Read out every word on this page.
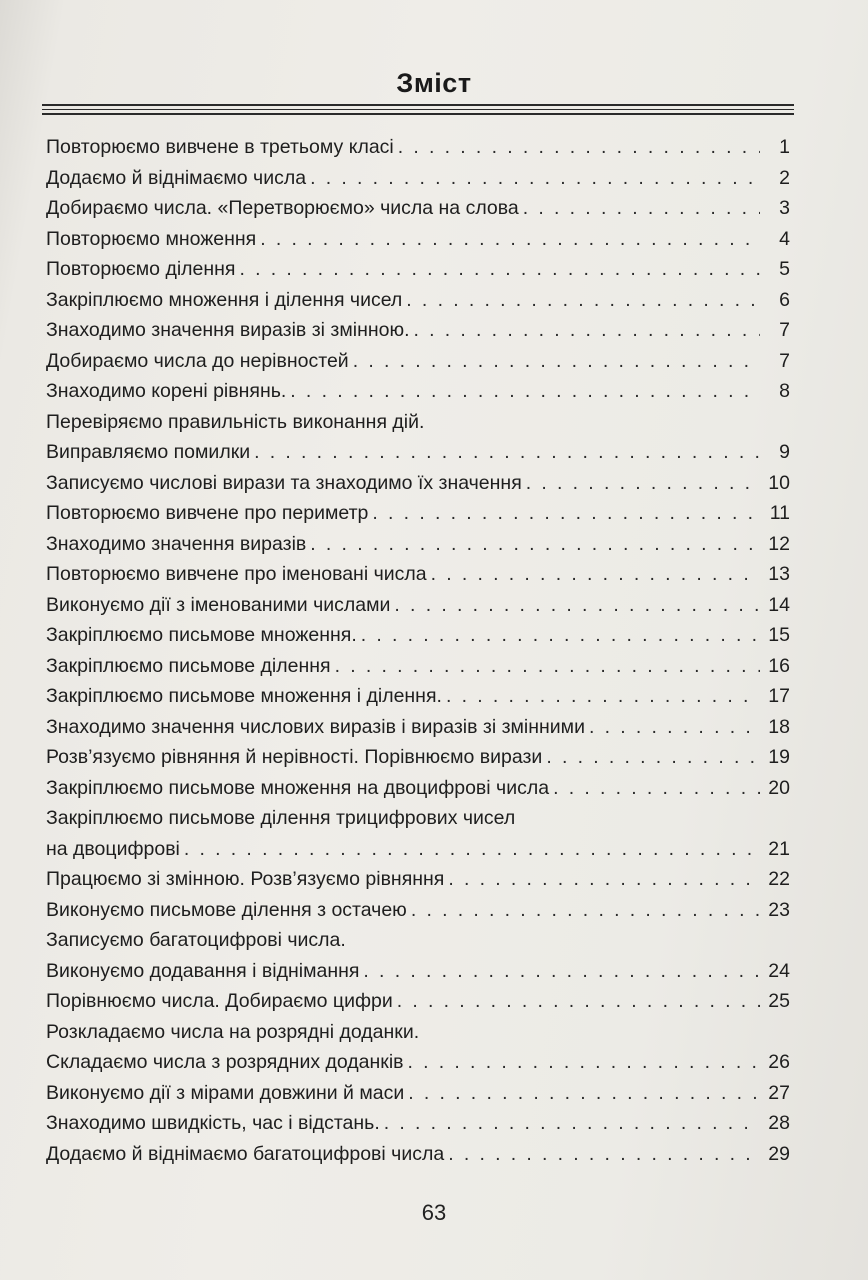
Зміст
Повторюємо вивчене в третьому класі . . .	1
Додаємо й віднімаємо числа . . .	2
Добираємо числа. «Перетворюємо» числа на слова . . .	3
Повторюємо множення . . .	4
Повторюємо ділення . . .	5
Закріплюємо множення і ділення чисел . . .	6
Знаходимо значення виразів зі змінною. . . .	7
Добираємо числа до нерівностей . . .	7
Знаходимо корені рівнянь. . . .	8
Перевіряємо правильність виконання дій.
Виправляємо помилки . . .	9
Записуємо числові вирази та знаходимо їх значення . . .	10
Повторюємо вивчене про периметр . . .	11
Знаходимо значення виразів . . .	12
Повторюємо вивчене про іменовані числа . . .	13
Виконуємо дії з іменованими числами . . .	14
Закріплюємо письмове множення. . . .	15
Закріплюємо письмове ділення . . .	16
Закріплюємо письмове множення і ділення. . . .	17
Знаходимо значення числових виразів і виразів зі змінними . . .	18
Розв’язуємо рівняння й нерівності. Порівнюємо вирази . . .	19
Закріплюємо письмове множення на двоцифрові числа . . .	20
Закріплюємо письмове ділення трицифрових чисел
на двоцифрові . . .	21
Працюємо зі змінною. Розв’язуємо рівняння . . .	22
Виконуємо письмове ділення з остачею . . .	23
Записуємо багатоцифрові числа.
Виконуємо додавання і віднімання . . .	24
Порівнюємо числа. Добираємо цифри . . .	25
Розкладаємо числа на розрядні доданки.
Складаємо числа з розрядних доданків . . .	26
Виконуємо дії з мірами довжини й маси . . .	27
Знаходимо швидкість, час і відстань. . . .	28
Додаємо й віднімаємо багатоцифрові числа . . .	29
63
